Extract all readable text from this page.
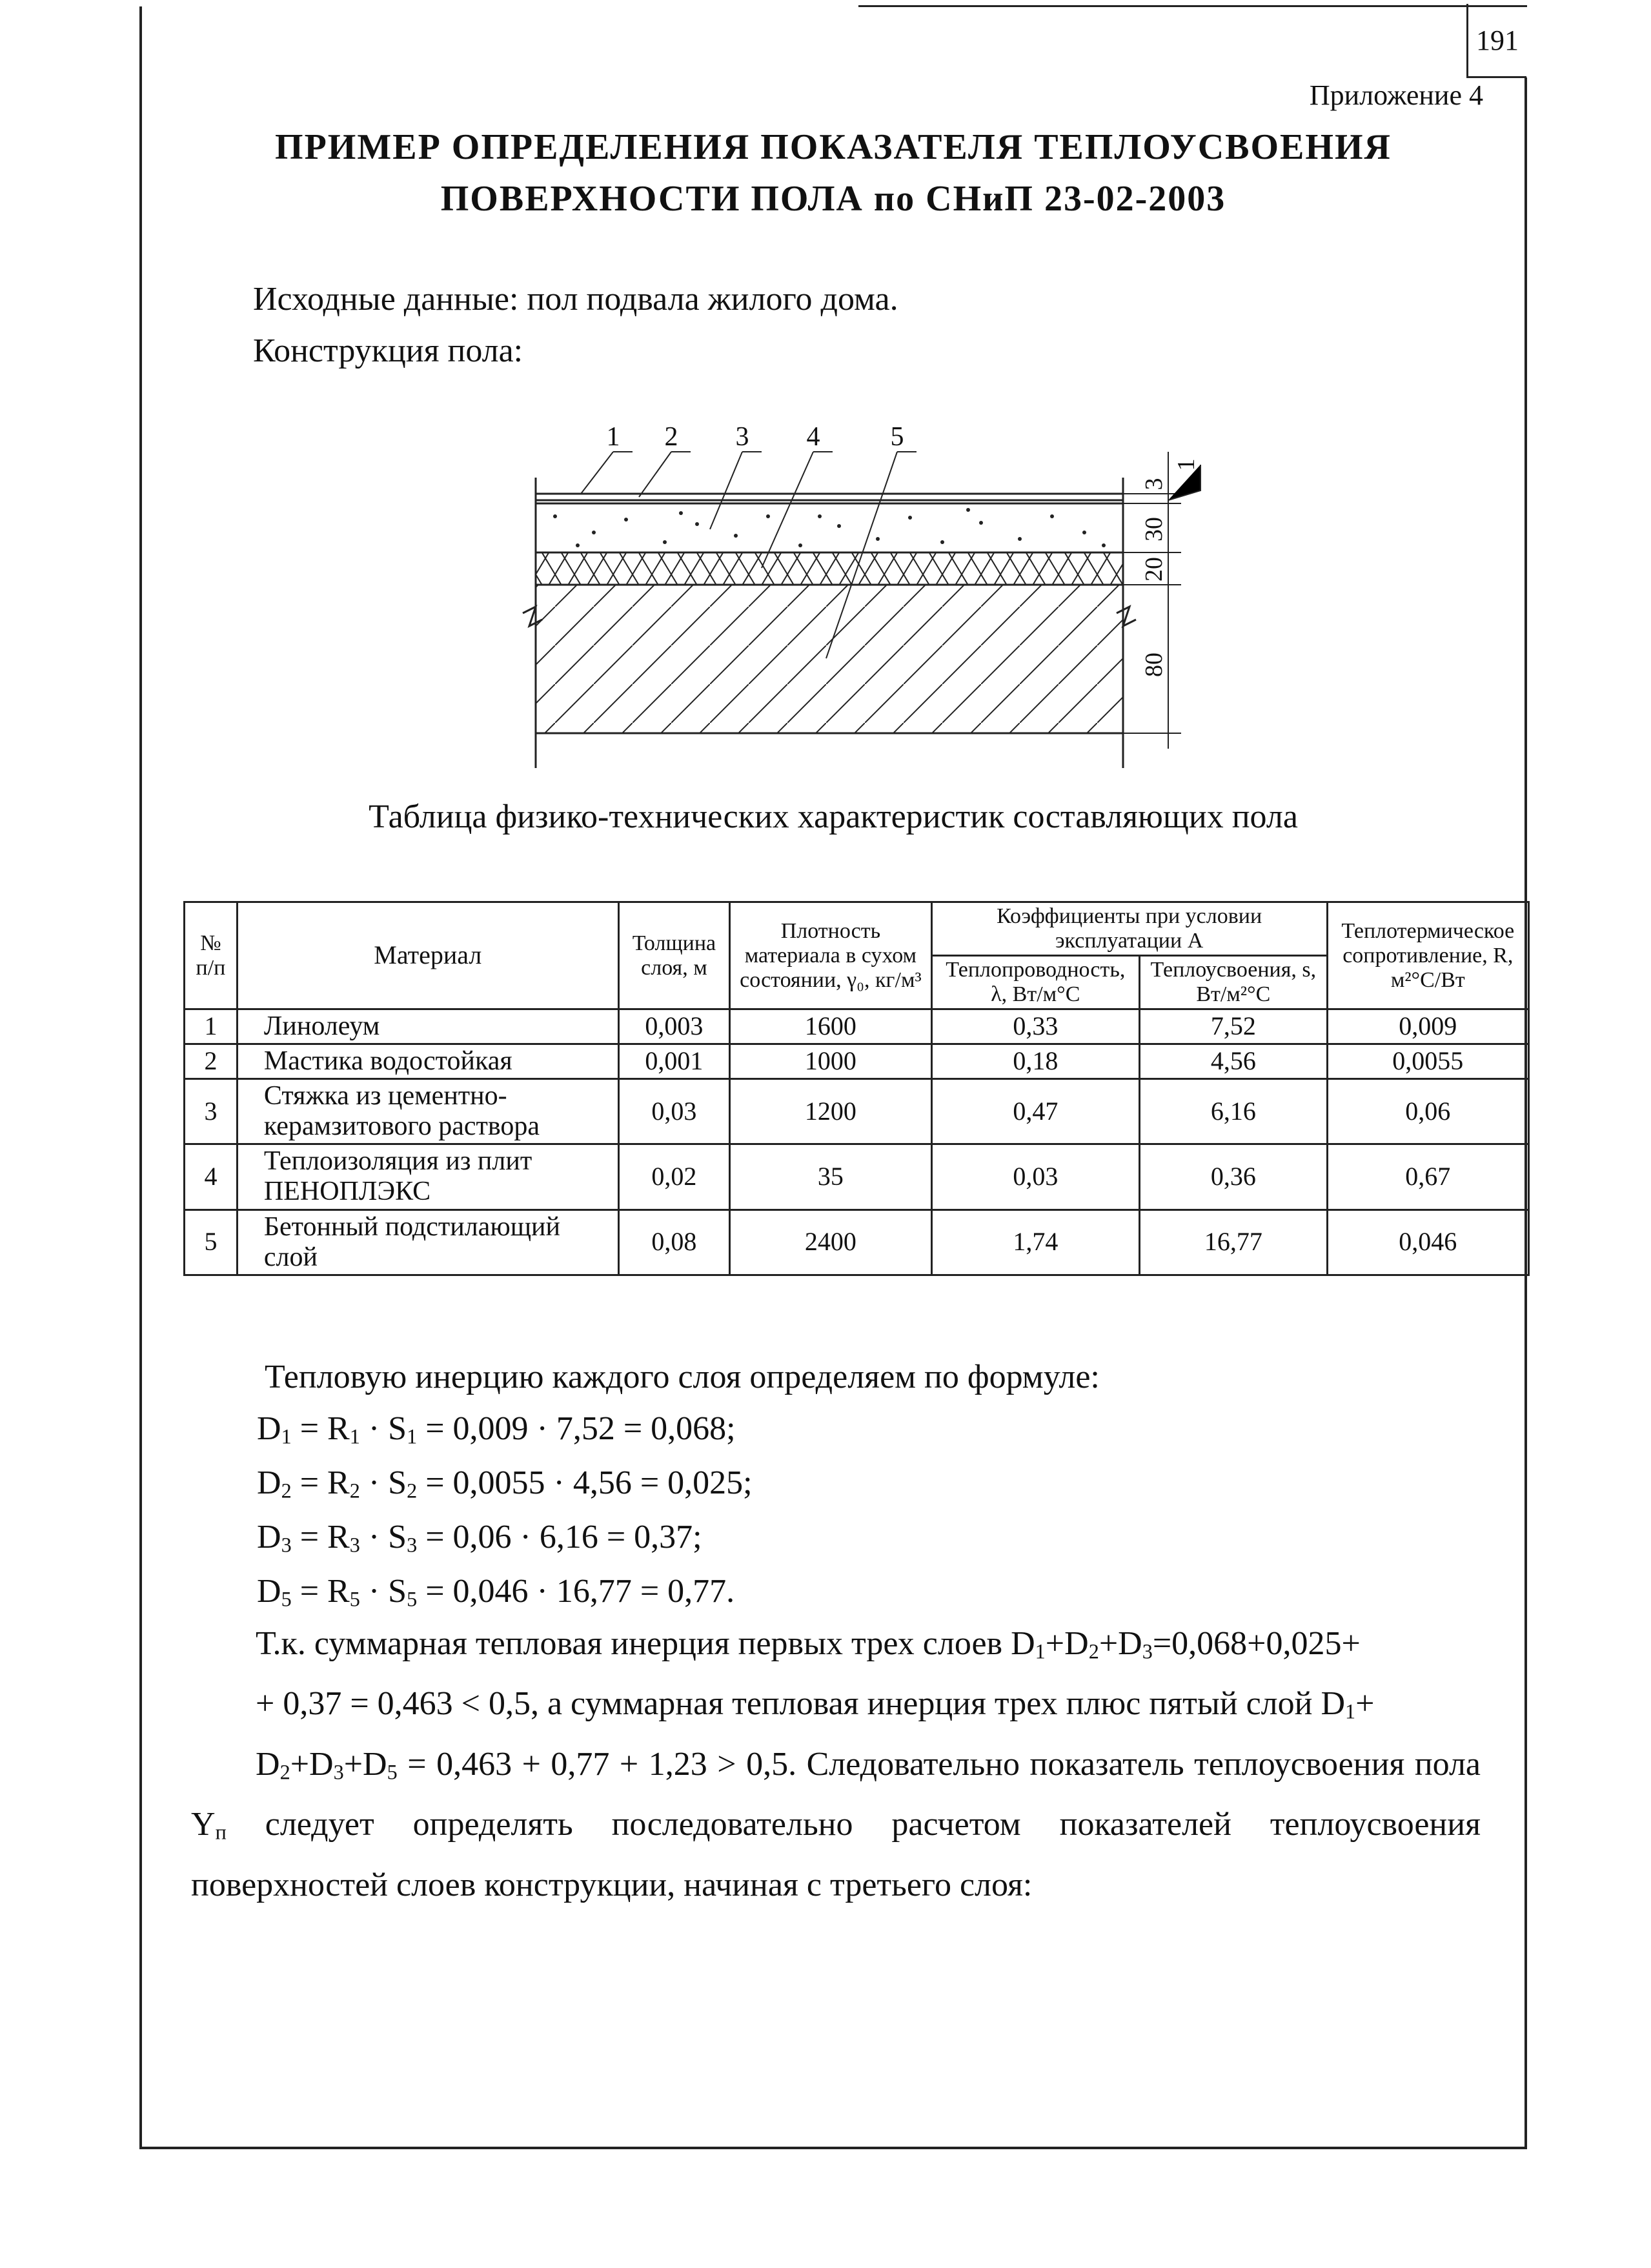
191
Приложение 4
ПРИМЕР ОПРЕДЕЛЕНИЯ ПОКАЗАТЕЛЯ ТЕПЛОУСВОЕНИЯ
ПОВЕРХНОСТИ ПОЛА по СНиП 23-02-2003
Исходные данные: пол подвала жилого дома.
Конструкция пола:
1 2 3 4	5
3
1
30
20
80
Таблица физико-технических характеристик составляющих пола
№ п/п	Материал	Толщина слоя, м	Плотность материала в сухом состоянии, γ₀, кг/м³	Коэффициенты при условии эксплуатации А		Теплотермическое сопротивление, R, м²°С/Вт
				Теплопроводность, λ, Вт/м°С	Теплоусвоения, s, Вт/м²°С	
1	Линолеум	0,003	1600	0,33	7,52	0,009
2	Мастика водостойкая	0,001	1000	0,18	4,56	0,0055
3	Стяжка из цементно-керамзитового раствора	0,03	1200	0,47	6,16	0,06
4	Теплоизоляция из плит ПЕНОПЛЭКС	0,02	35	0,03	0,36	0,67
5	Бетонный подстилающий слой	0,08	2400	1,74	16,77	0,046
Тепловую инерцию каждого слоя определяем по формуле:
$D_1 = R_1 \cdot S_1 = 0,009 \cdot 7,52 = 0,068$;
$D_2 = R_2 \cdot S_2 = 0,0055 \cdot 4,56 = 0,025$;
$D_3 = R_3 \cdot S_3 = 0,06 \cdot 6,16 = 0,37$;
$D_5 = R_5 \cdot S_5 = 0,046 \cdot 16,77 = 0,77$.
Т.к. суммарная тепловая инерция первых трех слоев $D_1+D_2+D_3=0,068+0,025+$
+ 0,37 = 0,463 < 0,5, а суммарная тепловая инерция трех плюс пятый слой $D_1+$
$D_2+D_3+D_5 = 0,463 + 0,77 + 1,23 > 0,5$. Следовательно показатель теплоусвоения пола $Y_п$ следует определять последовательно расчетом показателей теплоусвоения поверхностей слоев конструкции, начиная с третьего слоя:
